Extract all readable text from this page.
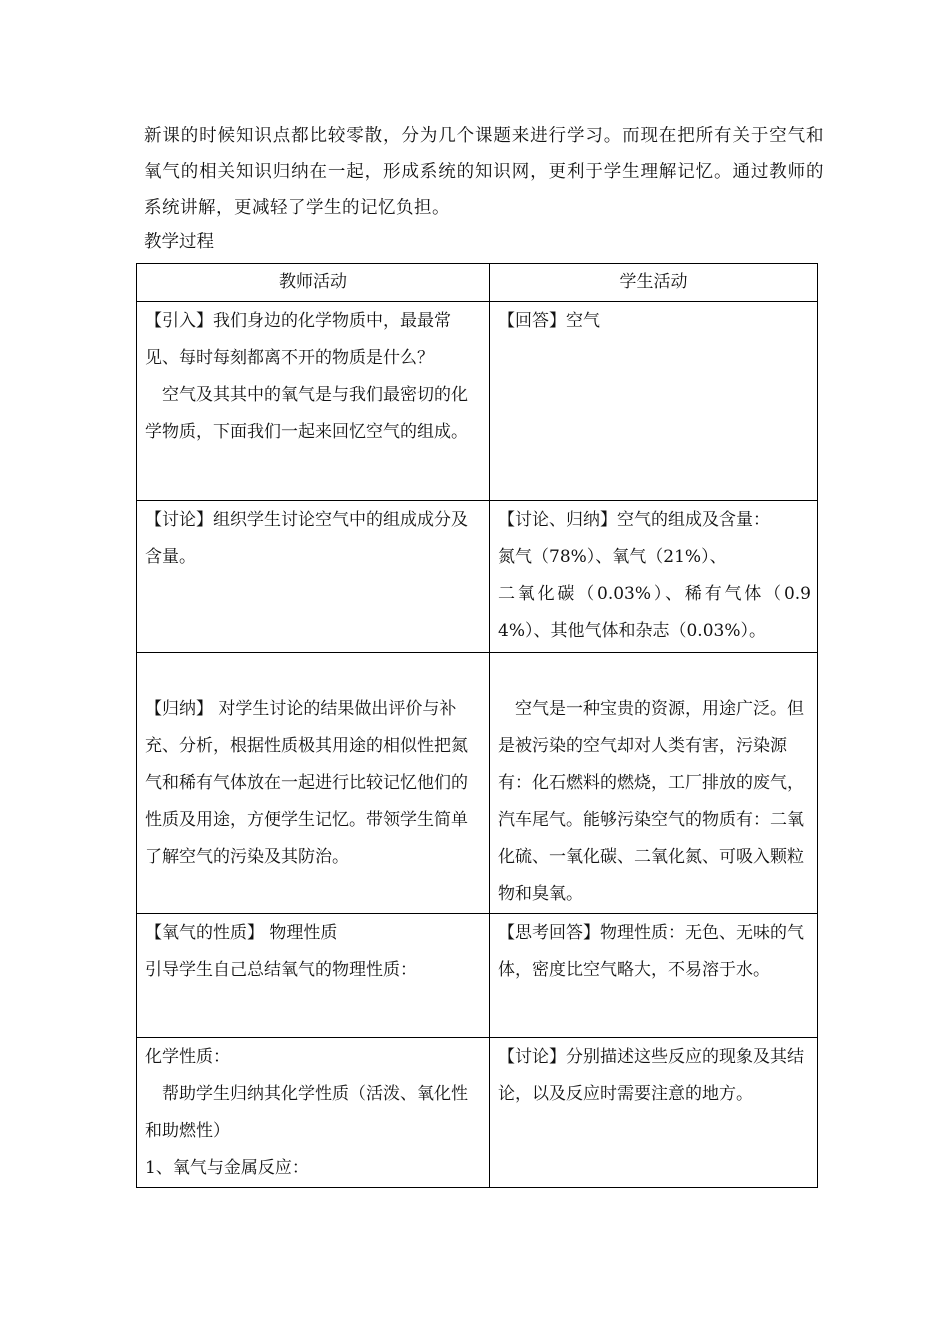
新课的时候知识点都比较零散，分为几个课题来进行学习。而现在把所有关于空气和氧气的相关知识归纳在一起，形成系统的知识网，更利于学生理解记忆。通过教师的系统讲解，更减轻了学生的记忆负担。

教学过程
教师活动	学生活动

【引入】我们身边的化学物质中，最最常见、每时每刻都离不开的物质是什么？

空气及其其中的氧气是与我们最密切的化学物质，下面我们一起来回忆空气的组成。	【回答】空气

【讨论】组织学生讨论空气中的组成成分及含量。	【讨论、归纳】空气的组成及含量：

氮气（78%）、氧气（21%）、

二氧化碳（0.03%）、稀有气体（0.94%）、其他气体和杂志（0.03%）。

【归纳】 对学生讨论的结果做出评价与补充、分析，根据性质极其用途的相似性把氮气和稀有气体放在一起进行比较记忆他们的性质及用途，方便学生记忆。带领学生简单了解空气的污染及其防治。	空气是一种宝贵的资源，用途广泛。但是被污染的空气却对人类有害，污染源有：化石燃料的燃烧，工厂排放的废气，汽车尾气。能够污染空气的物质有：二氧化硫、一氧化碳、二氧化氮、可吸入颗粒物和臭氧。

【氧气的性质】 物理性质

引导学生自己总结氧气的物理性质：	【思考回答】物理性质：无色、无味的气体，密度比空气略大，不易溶于水。

化学性质：

帮助学生归纳其化学性质（活泼、氧化性和助燃性）

1、氧气与金属反应：	【讨论】分别描述这些反应的现象及其结论，以及反应时需要注意的地方。
